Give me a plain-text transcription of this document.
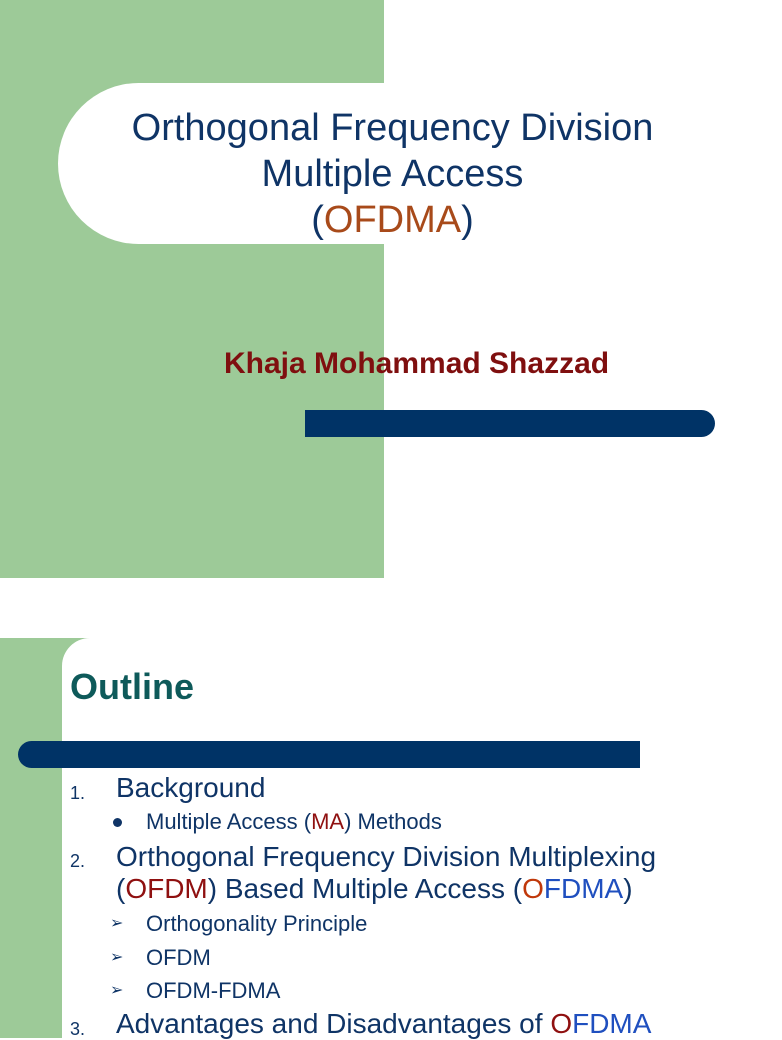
Orthogonal Frequency Division
Multiple Access
(OFDMA)
Khaja Mohammad Shazzad
Outline
1. Background
Multiple Access (MA) Methods
2. Orthogonal Frequency Division Multiplexing
(OFDM) Based Multiple Access (OFDMA)
➢ Orthogonality Principle
➢ OFDM
➢ OFDM-FDMA
3. Advantages and Disadvantages of OFDMA
